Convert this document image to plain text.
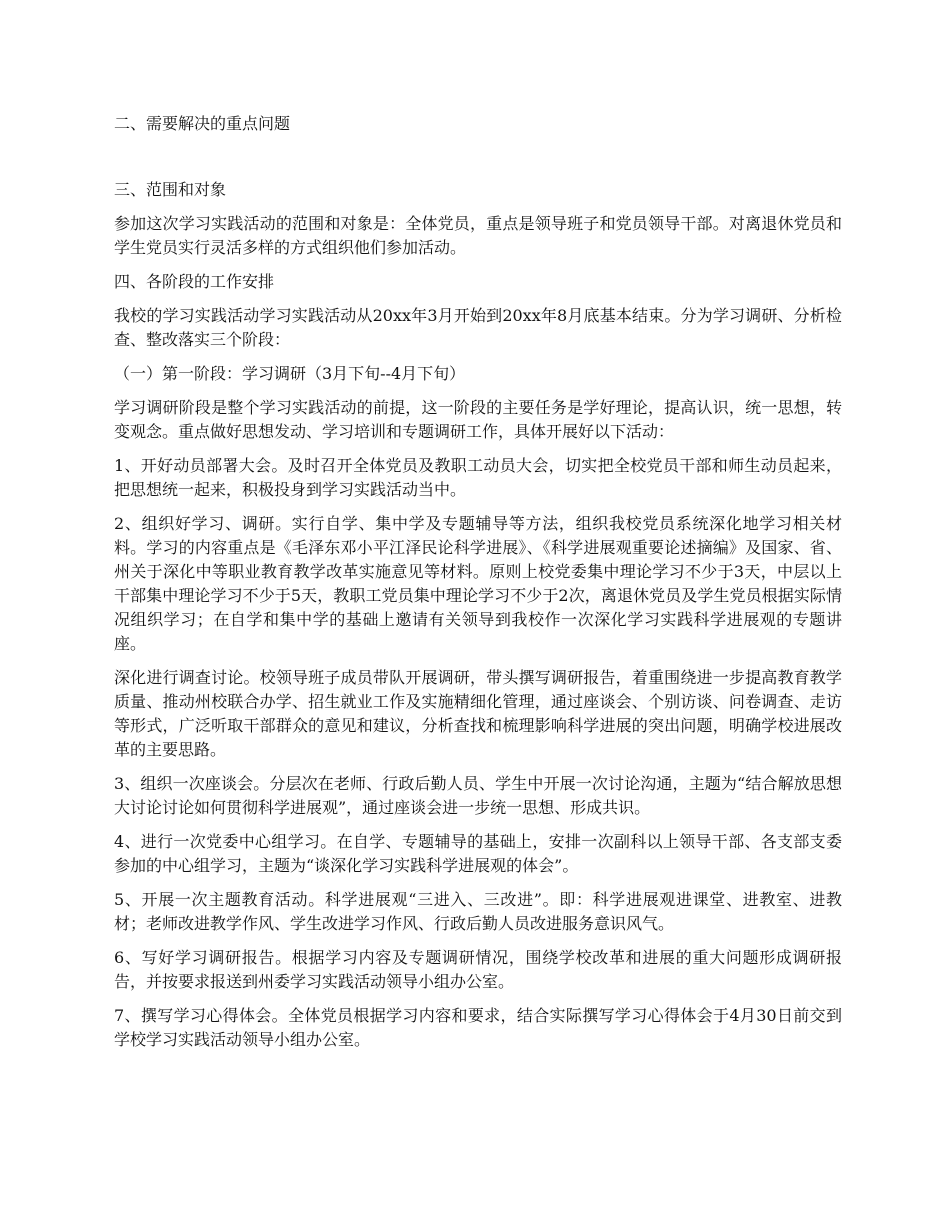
二、需要解决的重点问题

三、范围和对象

参加这次学习实践活动的范围和对象是：全体党员，重点是领导班子和党员领导干部。对离退休党员和学生党员实行灵活多样的方式组织他们参加活动。

四、各阶段的工作安排

我校的学习实践活动学习实践活动从20xx年3月开始到20xx年8月底基本结束。分为学习调研、分析检查、整改落实三个阶段：

（一）第一阶段：学习调研（3月下旬--4月下旬）

学习调研阶段是整个学习实践活动的前提，这一阶段的主要任务是学好理论，提高认识，统一思想，转变观念。重点做好思想发动、学习培训和专题调研工作，具体开展好以下活动：

1、开好动员部署大会。及时召开全体党员及教职工动员大会，切实把全校党员干部和师生动员起来，把思想统一起来，积极投身到学习实践活动当中。

2、组织好学习、调研。实行自学、集中学及专题辅导等方法，组织我校党员系统深化地学习相关材料。学习的内容重点是《毛泽东邓小平江泽民论科学进展》、《科学进展观重要论述摘编》及国家、省、州关于深化中等职业教育教学改革实施意见等材料。原则上校党委集中理论学习不少于3天，中层以上干部集中理论学习不少于5天，教职工党员集中理论学习不少于2次，离退休党员及学生党员根据实际情况组织学习；在自学和集中学的基础上邀请有关领导到我校作一次深化学习实践科学进展观的专题讲座。

深化进行调查讨论。校领导班子成员带队开展调研，带头撰写调研报告，着重围绕进一步提高教育教学质量、推动州校联合办学、招生就业工作及实施精细化管理，通过座谈会、个别访谈、问卷调查、走访等形式，广泛听取干部群众的意见和建议，分析查找和梳理影响科学进展的突出问题，明确学校进展改革的主要思路。

3、组织一次座谈会。分层次在老师、行政后勤人员、学生中开展一次讨论沟通，主题为“结合解放思想大讨论讨论如何贯彻科学进展观”，通过座谈会进一步统一思想、形成共识。

4、进行一次党委中心组学习。在自学、专题辅导的基础上，安排一次副科以上领导干部、各支部支委参加的中心组学习，主题为“谈深化学习实践科学进展观的体会”。

5、开展一次主题教育活动。科学进展观“三进入、三改进”。即：科学进展观进课堂、进教室、进教材；老师改进教学作风、学生改进学习作风、行政后勤人员改进服务意识风气。

6、写好学习调研报告。根据学习内容及专题调研情况，围绕学校改革和进展的重大问题形成调研报告，并按要求报送到州委学习实践活动领导小组办公室。

7、撰写学习心得体会。全体党员根据学习内容和要求，结合实际撰写学习心得体会于4月30日前交到学校学习实践活动领导小组办公室。
